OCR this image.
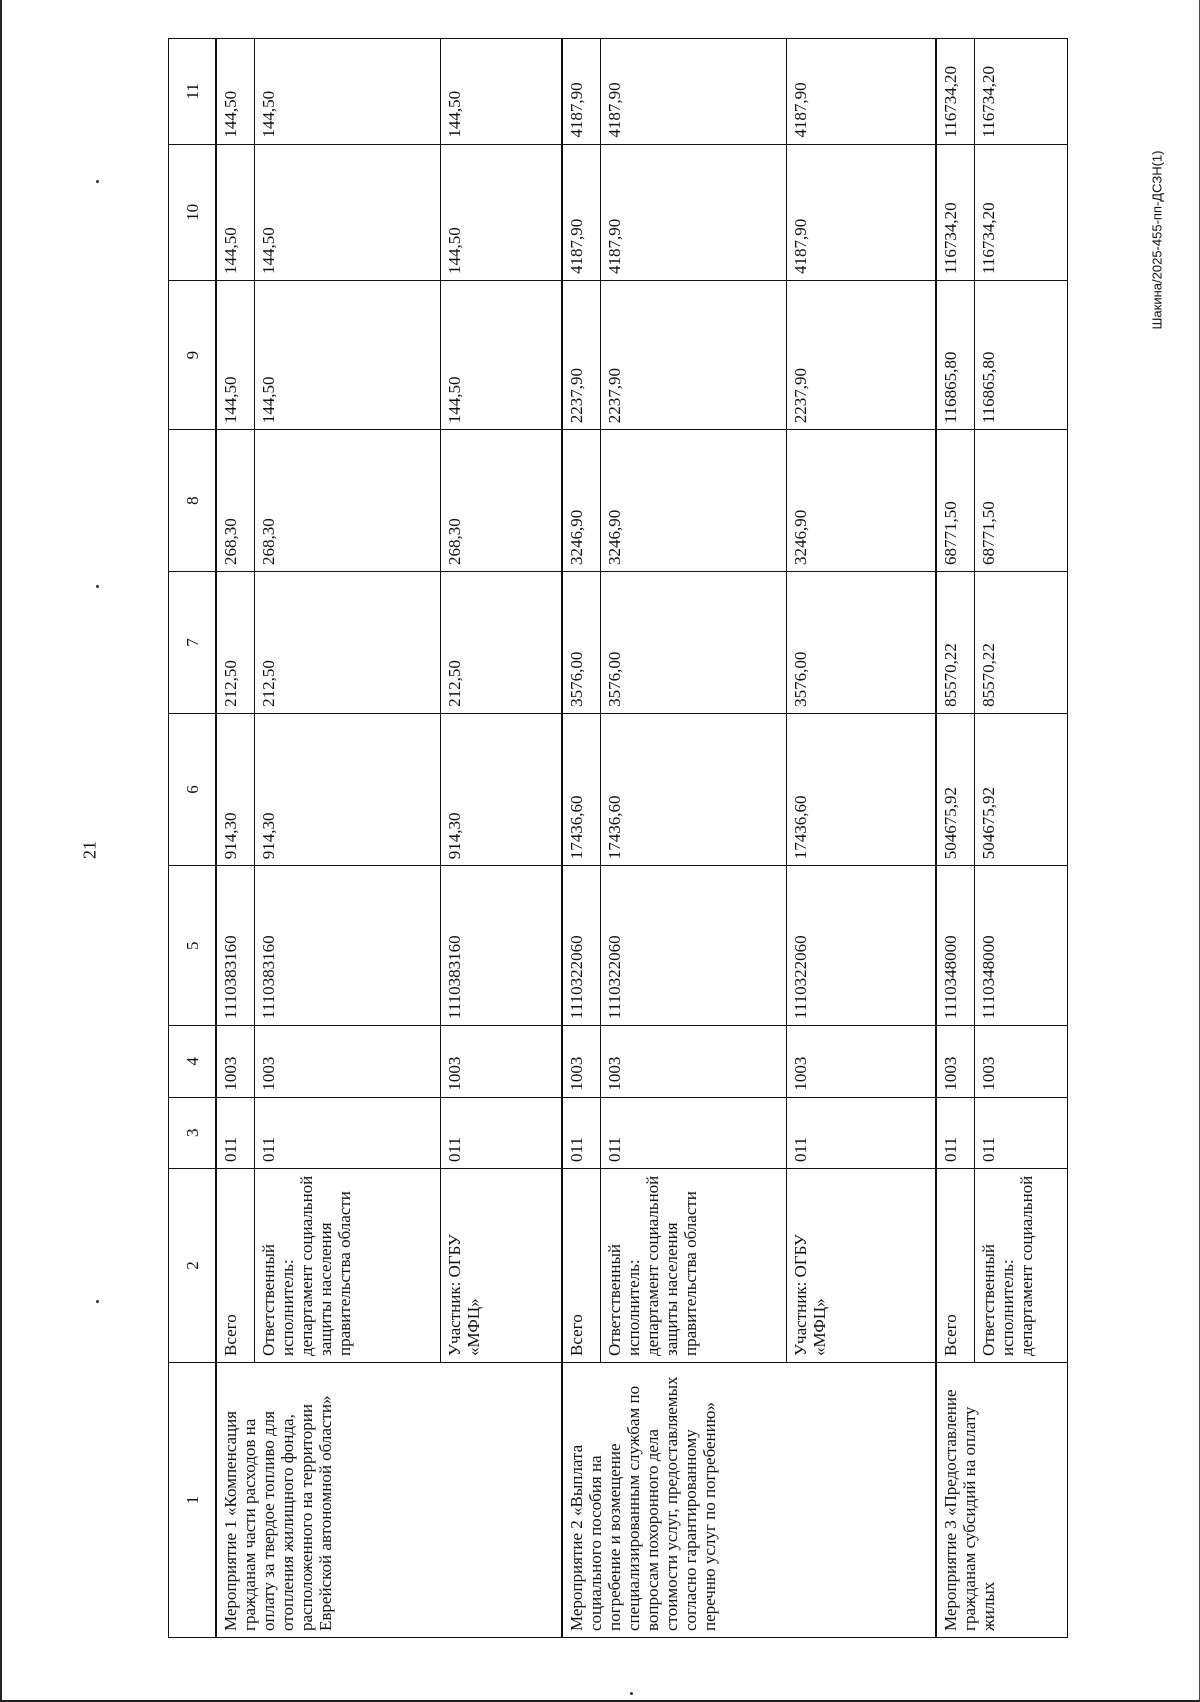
21
Шакина/2025-455-пп-ДСЗН(1)
1	2	3	4	5	6	7	8	9	10	11
Мероприятие 1 «Компенсация гражданам части расходов на оплату за твердое топливо для отопления жилищного фонда, расположенного на территории Еврейской автономной области»	Всего	011	1003	1110383160	914,30	212,50	268,30	144,50	144,50	144,50
	Ответственный исполнитель: департамент социальной защиты населения правительства области	011	1003	1110383160	914,30	212,50	268,30	144,50	144,50	144,50
	Участник: ОГБУ «МФЦ»	011	1003	1110383160	914,30	212,50	268,30	144,50	144,50	144,50
Мероприятие 2 «Выплата социального пособия на погребение и возмещение специализированным службам по вопросам похоронного дела стоимости услуг, предоставляемых согласно гарантированному перечню услуг по погребению»	Всего	011	1003	1110322060	17436,60	3576,00	3246,90	2237,90	4187,90	4187,90
	Ответственный исполнитель: департамент социальной защиты населения правительства области	011	1003	1110322060	17436,60	3576,00	3246,90	2237,90	4187,90	4187,90
	Участник: ОГБУ «МФЦ»	011	1003	1110322060	17436,60	3576,00	3246,90	2237,90	4187,90	4187,90
Мероприятие 3 «Предоставление гражданам субсидий на оплату жилых	Всего	011	1003	1110348000	504675,92	85570,22	68771,50	116865,80	116734,20	116734,20
	Ответственный исполнитель: департамент социальной	011	1003	1110348000	504675,92	85570,22	68771,50	116865,80	116734,20	116734,20
